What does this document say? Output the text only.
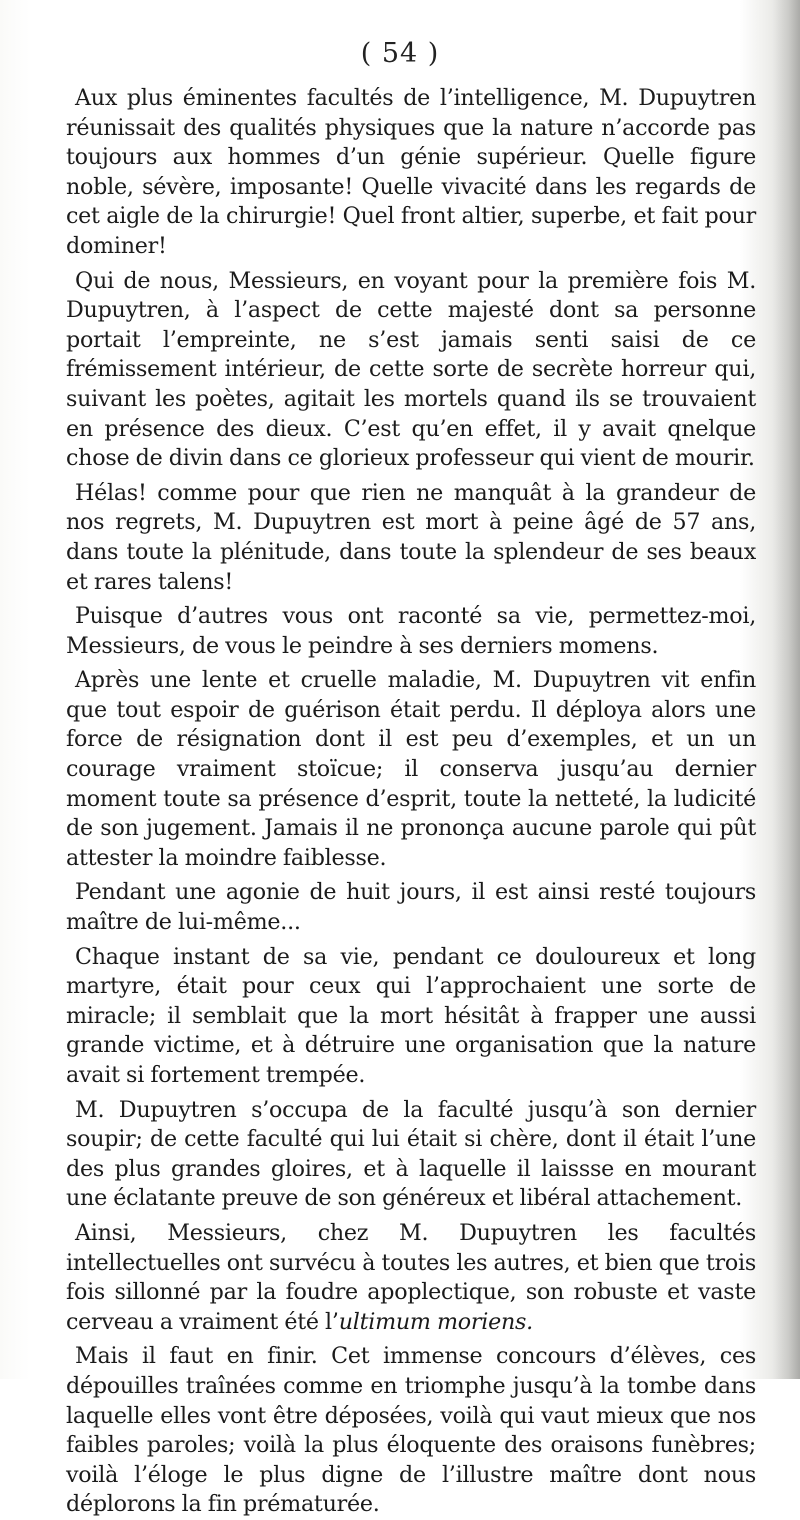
( 54 )

Aux plus éminentes facultés de l’intelligence, M. Dupuytren réunissait des qualités physiques que la nature n’accorde pas toujours aux hommes d’un génie supérieur. Quelle figure noble, sévère, imposante! Quelle vivacité dans les regards de cet aigle de la chirurgie! Quel front altier, superbe, et fait pour dominer!

Qui de nous, Messieurs, en voyant pour la première fois M. Dupuytren, à l’aspect de cette majesté dont sa personne portait l’empreinte, ne s’est jamais senti saisi de ce frémissement intérieur, de cette sorte de secrète horreur qui, suivant les poètes, agitait les mortels quand ils se trouvaient en présence des dieux. C’est qu’en effet, il y avait qnelque chose de divin dans ce glorieux professeur qui vient de mourir.

Hélas! comme pour que rien ne manquât à la grandeur de nos regrets, M. Dupuytren est mort à peine âgé de 57 ans, dans toute la plénitude, dans toute la splendeur de ses beaux et rares talens!

Puisque d’autres vous ont raconté sa vie, permettez-moi, Messieurs, de vous le peindre à ses derniers momens.

Après une lente et cruelle maladie, M. Dupuytren vit enfin que tout espoir de guérison était perdu. Il déploya alors une force de résignation dont il est peu d’exemples, et un un courage vraiment stoïcue; il conserva jusqu’au dernier moment toute sa présence d’esprit, toute la netteté, la ludicité de son jugement. Jamais il ne prononça aucune parole qui pût attester la moindre faiblesse.

Pendant une agonie de huit jours, il est ainsi resté toujours maître de lui-même...

Chaque instant de sa vie, pendant ce douloureux et long martyre, était pour ceux qui l’approchaient une sorte de miracle; il semblait que la mort hésitât à frapper une aussi grande victime, et à détruire une organisation que la nature avait si fortement trempée.

M. Dupuytren s’occupa de la faculté jusqu’à son dernier soupir; de cette faculté qui lui était si chère, dont il était l’une des plus grandes gloires, et à laquelle il laissse en mourant une éclatante preuve de son généreux et libéral attachement.

Ainsi, Messieurs, chez M. Dupuytren les facultés intellectuelles ont survécu à toutes les autres, et bien que trois fois sillonné par la foudre apoplectique, son robuste et vaste cerveau a vraiment été l’ultimum moriens.

Mais il faut en finir. Cet immense concours d’élèves, ces dépouilles traînées comme en triomphe jusqu’à la tombe dans laquelle elles vont être déposées, voilà qui vaut mieux que nos faibles paroles; voilà la plus éloquente des oraisons funèbres; voilà l’éloge le plus digne de l’illustre maître dont nous déplorons la fin prématurée.
